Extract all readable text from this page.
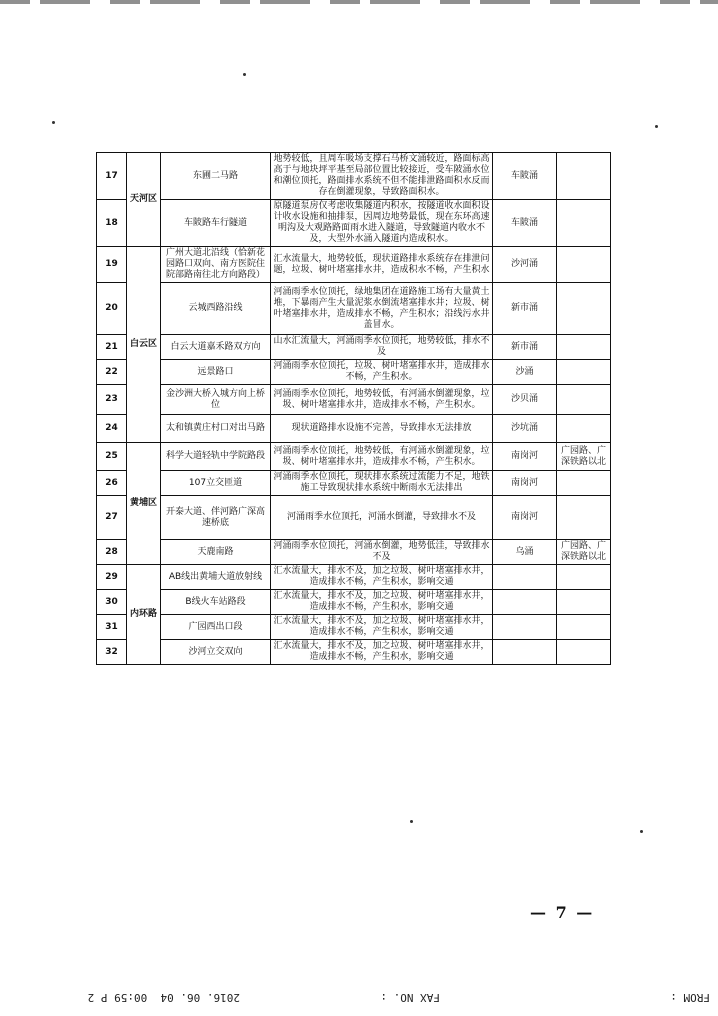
17	天河区	东圃二马路	地势较低，且周车吸场支撑石马桥文涌较近，路面标高高于与地块坪平基至局部位置比较接近，受车陂涌水位和潮位顶托，路面排水系统不但不能排泄路面积水反而存在倒灌现象，导致路面积水。	车陂涌	
18		车陂路车行隧道	原隧道泵房仅考虑收集隧道内积水，按隧道收水面积设计收水设施和抽排泵，因周边地势最低，现在东环高速明沟及大观路路面雨水进入隧道，导致隧道内收水不及，大型外水涌入隧道内造成积水。	车陂涌	
19	白云区	广州大道北沿线（恰新花园路口双向、南方医院住院部路南往北方向路段）	汇水流量大，地势较低，现状道路排水系统存在排泄问题，垃圾、树叶堵塞排水井，造成积水不畅，产生积水	沙河涌	
20		云城西路沿线	河涌雨季水位顶托，绿地集团在道路施工场有大量黄土堆，下暴雨产生大量泥浆水倒流堵塞排水井；垃圾、树叶堵塞排水井，造成排水不畅，产生积水；沿线污水井盖冒水。	新市涌	
21		白云大道嘉禾路双方向	山水汇流量大，河涌雨季水位顶托，地势较低，排水不及	新市涌	
22		远景路口	河涌雨季水位顶托，垃圾、树叶堵塞排水井，造成排水不畅，产生积水。	沙涌	
23		金沙洲大桥入城方向上桥位	河涌雨季水位顶托，地势较低，有河涌水倒灌现象，垃圾、树叶堵塞排水井，造成排水不畅，产生积水。	沙贝涌	
24		太和镇黄庄村口对出马路	现状道路排水设施不完善，导致排水无法排放	沙坑涌	
25	黄埔区	科学大道轻轨中学院路段	河涌雨季水位顶托，地势较低，有河涌水倒灌现象，垃圾、树叶堵塞排水井，造成排水不畅，产生积水。	南岗河	广园路、广深铁路以北
26		107立交匝道	河涌雨季水位顶托，现状排水系统过流能力不足，地铁施工导致现状排水系统中断雨水无法排出	南岗河	
27		开泰大道、伴河路广深高速桥底	河涌雨季水位顶托，河涌水倒灌，导致排水不及	南岗河	
28		天鹿南路	河涌雨季水位顶托，河涌水倒灌，地势低洼，导致排水不及	乌涌	广园路、广深铁路以北
29	内环路	AB线出黄埔大道放射线	汇水流量大，排水不及，加之垃圾、树叶堵塞排水井，造成排水不畅，产生积水，影响交通		
30		B线火车站路段	汇水流量大，排水不及，加之垃圾、树叶堵塞排水井，造成排水不畅，产生积水，影响交通		
31		广园西出口段	汇水流量大，排水不及，加之垃圾、树叶堵塞排水井，造成排水不畅，产生积水，影响交通		
32		沙河立交双向	汇水流量大，排水不及，加之垃圾、树叶堵塞排水井，造成排水不畅，产生积水，影响交通		
— 7 —
FROM :
FAX NO. :
2016. 06. 04  00:59 P 2
